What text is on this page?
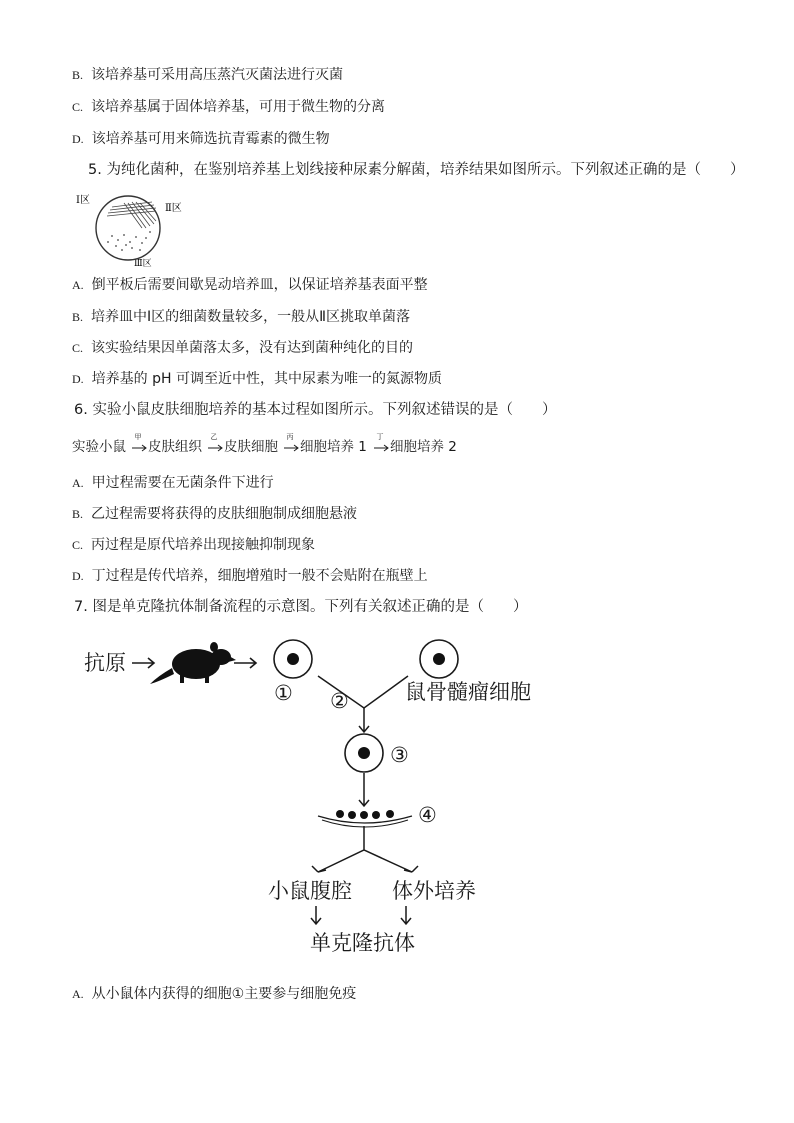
B. 该培养基可采用高压蒸汽灭菌法进行灭菌
C. 该培养基属于固体培养基，可用于微生物的分离
D. 该培养基可用来筛选抗青霉素的微生物
5. 为纯化菌种，在鉴别培养基上划线接种尿素分解菌，培养结果如图所示。下列叙述正确的是（　　）
Ⅰ区
Ⅱ区
Ⅲ区
A. 倒平板后需要间歇晃动培养皿，以保证培养基表面平整
B. 培养皿中Ⅰ区的细菌数量较多，一般从Ⅱ区挑取单菌落
C. 该实验结果因单菌落太多，没有达到菌种纯化的目的
D. 培养基的 pH 可调至近中性，其中尿素为唯一的氮源物质
6. 实验小鼠皮肤细胞培养的基本过程如图所示。下列叙述错误的是（　　）
实验小鼠 皮肤组织 皮肤细胞 细胞培养 1 细胞培养 2
甲	乙	丙	丁
A. 甲过程需要在无菌条件下进行
B. 乙过程需要将获得的皮肤细胞制成细胞悬液
C. 丙过程是原代培养出现接触抑制现象
D. 丁过程是传代培养，细胞增殖时一般不会贴附在瓶壁上
7. 图是单克隆抗体制备流程的示意图。下列有关叙述正确的是（　　）
抗原
①	鼠骨髓瘤细胞
②
③
④
小鼠腹腔 体外培养
单克隆抗体
A. 从小鼠体内获得的细胞①主要参与细胞免疫
